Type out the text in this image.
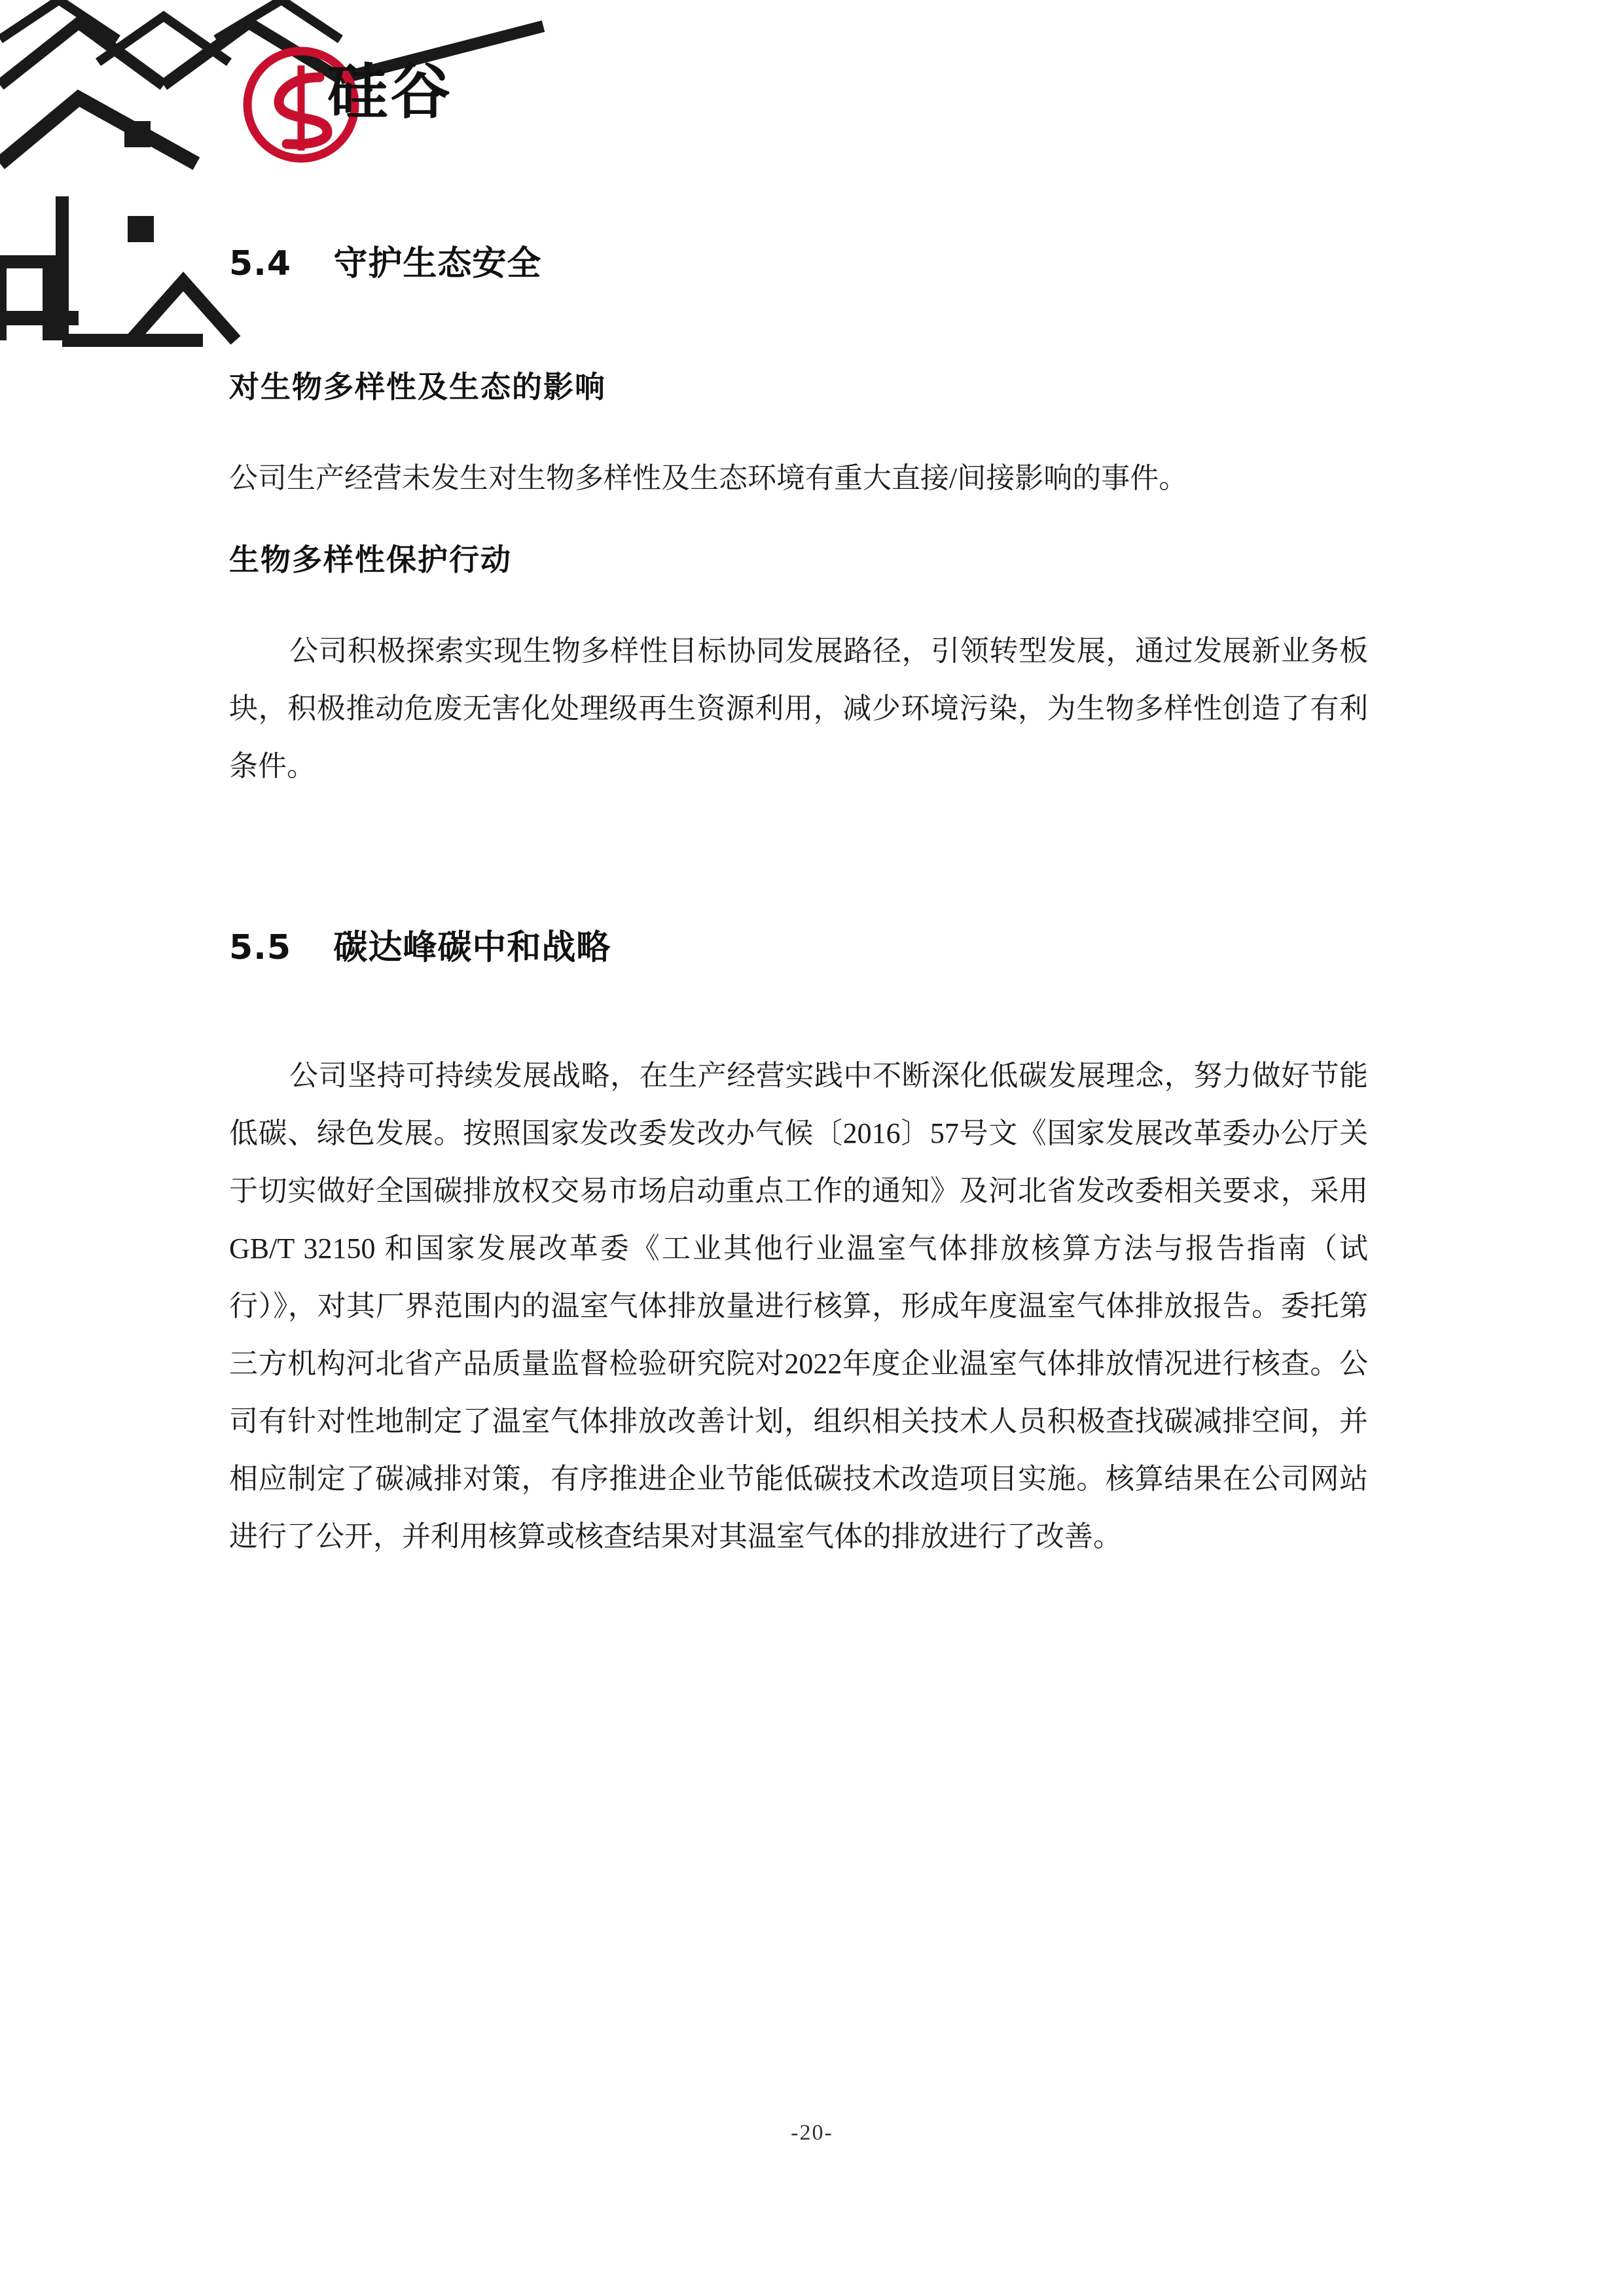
硅谷
5.4 守护生态安全
对生物多样性及生态的影响

公司生产经营未发生对生物多样性及生态环境有重大直接/间接影响的事件。

生物多样性保护行动

公司积极探索实现生物多样性目标协同发展路径，引领转型发展，通过发展新业务板块，积极推动危废无害化处理级再生资源利用，减少环境污染，为生物多样性创造了有利条件。

5.5 碳达峰碳中和战略

公司坚持可持续发展战略，在生产经营实践中不断深化低碳发展理念，努力做好节能低碳、绿色发展。按照国家发改委发改办气候〔2016〕57号文《国家发展改革委办公厅关于切实做好全国碳排放权交易市场启动重点工作的通知》及河北省发改委相关要求，采用 GB/T 32150 和国家发展改革委《工业其他行业温室气体排放核算方法与报告指南（试行）》，对其厂界范围内的温室气体排放量进行核算，形成年度温室气体排放报告。委托第三方机构河北省产品质量监督检验研究院对2022年度企业温室气体排放情况进行核查。公司有针对性地制定了温室气体排放改善计划，组织相关技术人员积极查找碳减排空间，并相应制定了碳减排对策，有序推进企业节能低碳技术改造项目实施。核算结果在公司网站进行了公开，并利用核算或核查结果对其温室气体的排放进行了改善。

-20-
